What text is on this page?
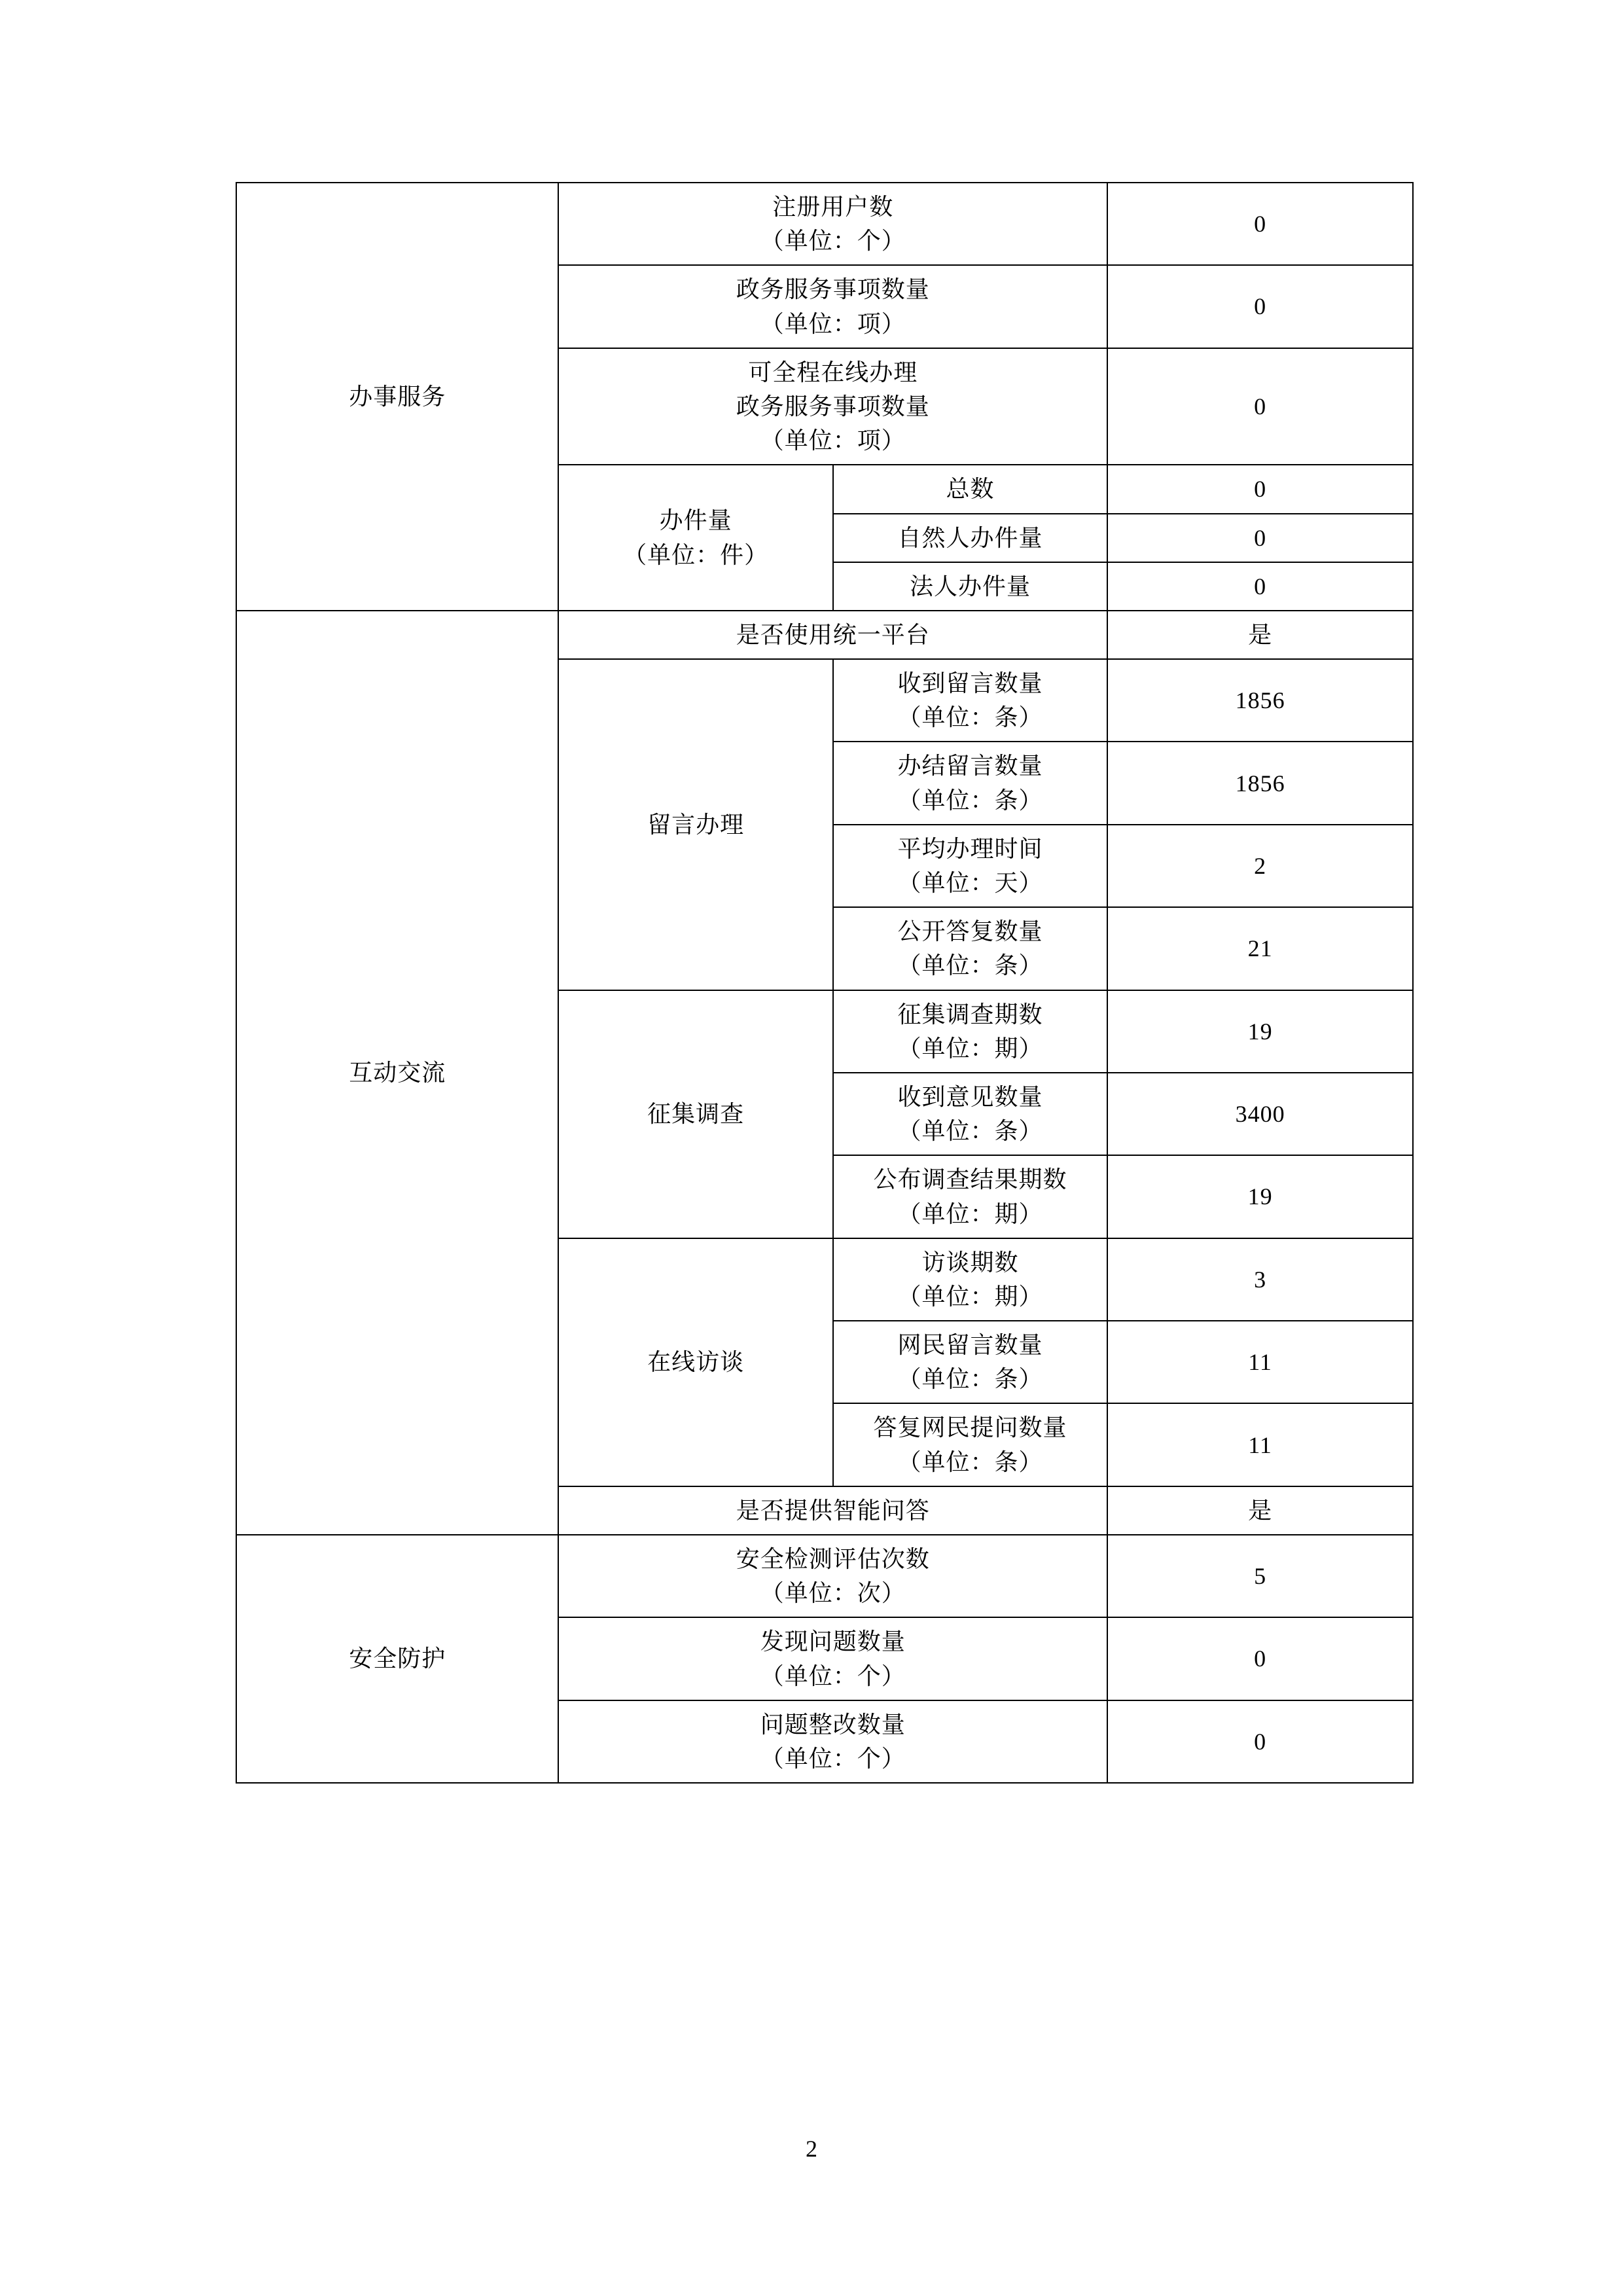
办事服务	注册用户数
（单位：个）		0

	政务服务事项数量
（单位：项）		0

	可全程在线办理
政务服务事项数量
（单位：项）		0

	办件量
（单位：件）	总数	0
		自然人办件量	0
		法人办件量	0
互动交流	是否使用统一平台		是
	留言办理	收到留言数量
（单位：条）	1856

		办结留言数量
（单位：条）	1856

		平均办理时间
（单位：天）	2

		公开答复数量
（单位：条）	21
	征集调查	征集调查期数
（单位：期）	19

		收到意见数量
（单位：条）	3400

		公布调查结果期数
（单位：期）	19
	在线访谈	访谈期数
（单位：期）	3

		网民留言数量
（单位：条）	11

		答复网民提问数量
（单位：条）	11
	是否提供智能问答		是
安全防护	安全检测评估次数
（单位：次）		5

	发现问题数量
（单位：个）		0

	问题整改数量
（单位：个）		0
2
